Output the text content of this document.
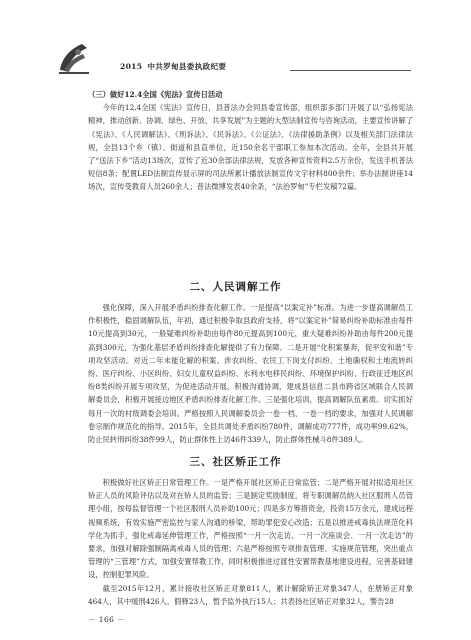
2015 中共罗甸县委执政纪要

（三）做好12.4全国《宪法》宣传日活动

今年的12.4全国《宪法》宣传日，县普法办会同县委宣传部，组织部多部门开展了以“弘扬宪法精神，推动创新、协调、绿色、开放、共享发展”为主题的大型法制宣传与咨询活动，主要宣传讲解了《宪法》、《人民调解法》、《刑诉法》、《民诉法》、《公证法》、《法律援助条例》以及相关部门法律法规，全县13个乡（镇）、街道和县直单位，近150余名干部职工参加本次活动。全年，全县共开展了“送法下乡”活动13场次，宣传了近30余部法律法规，发放各种宣传资料2.5万余份，发送手机普法短信8条；配置LED法制宣传显示屏的司法所累计播放法制宣传文字材料800余件；举办法制讲座14场次，宣传受教育人员260余人；普法微博发表40余条，“法治罗甸”专栏发稿72篇。

二、人民调解工作

强化保障，深入开展矛盾纠纷排查化解工作。一是提高“以案定补”标准。为进一步提高调解员工作积极性，稳固调解队伍，年初，通过积极争取县政府支持，将“以案定补”简易纠纷补助标准由每件10元提高到30元，一般疑难纠纷补助由每件80元提高到100元，重大疑难纠纷补助由每件200元提高到300元，为强化基层矛盾纠纷排查化解提供了有力保障。二是开展“化积案暴奔，促平安和谐”专项攻坚活动。对近二年未能化解的积案、涉农纠纷、农民工下岗支付纠纷、土地确权和土地流转纠纷、医疗纠纷、小区纠纷、妇女儿童权益纠纷、水利水电移民纠纷、环境保护纠纷、行政征迁地区纠纷8类纠纷开展专项攻坚，为促进活动开展，积极沟通协调，建成县信息二县市跨省区域联合人民调解委员会，积极开展接边地区矛盾纠纷排查化解工作。三是强化培训，提高调解队伍素质。切实抓好每月一次的村级调委会培训。严格按照人民调解委员会一卷一档、一卷一档的要求，加强对人民调解卷宗制作规范化的指导。2015年，全县共调处矛盾纠纷780件，调解成功777件，成功率99.62%。防止民转刑纠纷38件99人，防止群体性上访46件339人，防止群体性械斗8件389人。

三、社区矫正工作

积极做好社区矫正日常管理工作。一是严格开展社区矫正日常监管；二是严格开展对拟适用社区矫正人员的风险评估以及对在矫人员的监管；三是制定奖励制度，将专职调解员纳入社区服刑人员管理小组，按每监督管理一个社区服刑人员补助100元；四是多方筹措资金，投资15万余元，建成远程视频系统，有效实施严密监控与家人沟通的桥梁，帮助罪犯安心改造；五是以推进戒毒执法规范化科学化为抓手，强化戒毒延伸管理工作，严格按照“一月一次走访、一月一次座谈会、一月一次走访”的要求，加强对解除强制隔离戒毒人员的管理；六是严格按照专项排查管理、实施规范管理，突出重点管理的“三管理”方式，加强安置帮教工作，同时积极推进过渡性安置帮教基地建设进程，完善基础建设，控制犯罪风险。

截至2015年12月，累计接收社区矫正对象811人，累计解除矫正对象347人，在册矫正对象464人，其中缓刑426人，假释23人，暂予监外执行15人；共表扬社区矫正对象32人，警告28

－ 166 －
